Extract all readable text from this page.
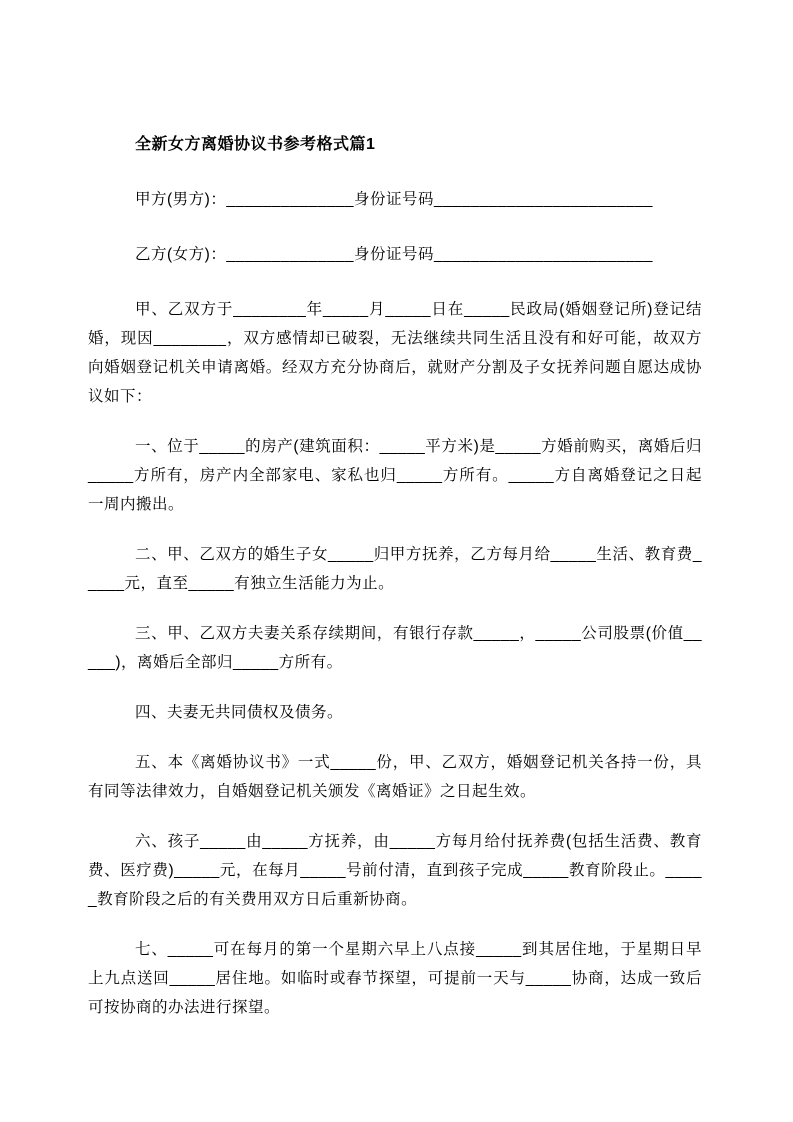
全新女方离婚协议书参考格式篇1

甲方(男方)：______________身份证号码________________________

乙方(女方)：______________身份证号码________________________

甲、乙双方于________年_____月_____日在_____民政局(婚姻登记所)登记结婚，现因________，双方感情却已破裂，无法继续共同生活且没有和好可能，故双方向婚姻登记机关申请离婚。经双方充分协商后，就财产分割及子女抚养问题自愿达成协议如下：

一、位于_____的房产(建筑面积：_____平方米)是_____方婚前购买，离婚后归_____方所有，房产内全部家电、家私也归_____方所有。_____方自离婚登记之日起一周内搬出。

二、甲、乙双方的婚生子女_____归甲方抚养，乙方每月给_____生活、教育费_____元，直至_____有独立生活能力为止。

三、甲、乙双方夫妻关系存续期间，有银行存款_____，_____公司股票(价值_____)，离婚后全部归_____方所有。

四、夫妻无共同债权及债务。

五、本《离婚协议书》一式_____份，甲、乙双方，婚姻登记机关各持一份，具有同等法律效力，自婚姻登记机关颁发《离婚证》之日起生效。

六、孩子_____由_____方抚养，由_____方每月给付抚养费(包括生活费、教育费、医疗费)_____元，在每月_____号前付清，直到孩子完成_____教育阶段止。_____教育阶段之后的有关费用双方日后重新协商。

七、_____可在每月的第一个星期六早上八点接_____到其居住地，于星期日早上九点送回_____居住地。如临时或春节探望，可提前一天与_____协商，达成一致后可按协商的办法进行探望。
